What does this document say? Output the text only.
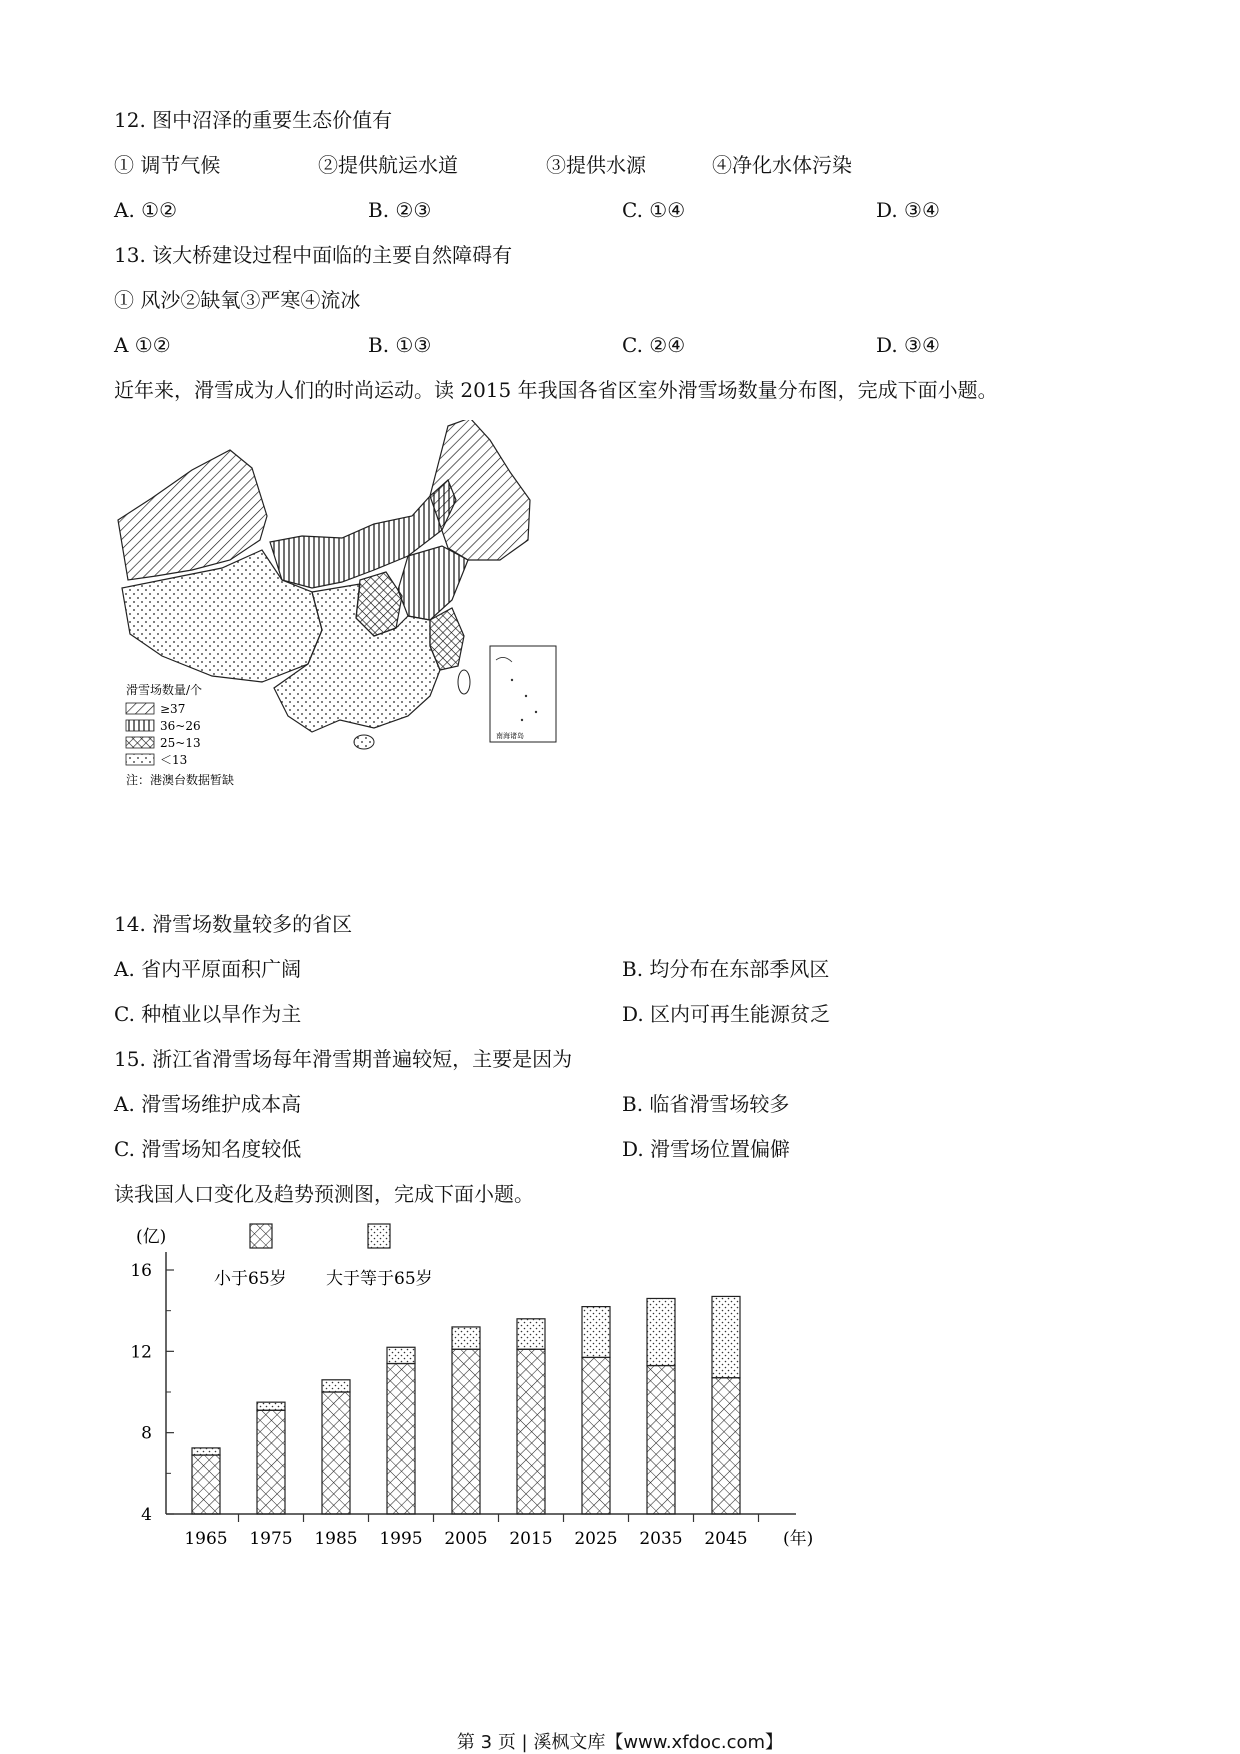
12. 图中沼泽的重要生态价值有
① 调节气候	②提供航运水道	③提供水源	④净化水体污染
A. ①②	B. ②③	C. ①④	D. ③④
13. 该大桥建设过程中面临的主要自然障碍有
① 风沙②缺氧③严寒④流冰
A ①②	B. ①③	C. ②④	D. ③④
近年来，滑雪成为人们的时尚运动。读 2015 年我国各省区室外滑雪场数量分布图，完成下面小题。
南海诸岛
滑雪场数量/个
≥37
36~26
25~13
＜13
注：港澳台数据暂缺
14. 滑雪场数量较多的省区
A. 省内平原面积广阔	B. 均分布在东部季风区
C. 种植业以旱作为主	D. 区内可再生能源贫乏
15. 浙江省滑雪场每年滑雪期普遍较短，主要是因为
A. 滑雪场维护成本高	B. 临省滑雪场较多
C. 滑雪场知名度较低	D. 滑雪场位置偏僻
读我国人口变化及趋势预测图，完成下面小题。
4
8
12
16
(亿)
1965 1975 1985 1995 2005 2015 2025 2035 2045 (年)
小于65岁 大于等于65岁
第 3 页 | 溪枫文库【www.xfdoc.com】
